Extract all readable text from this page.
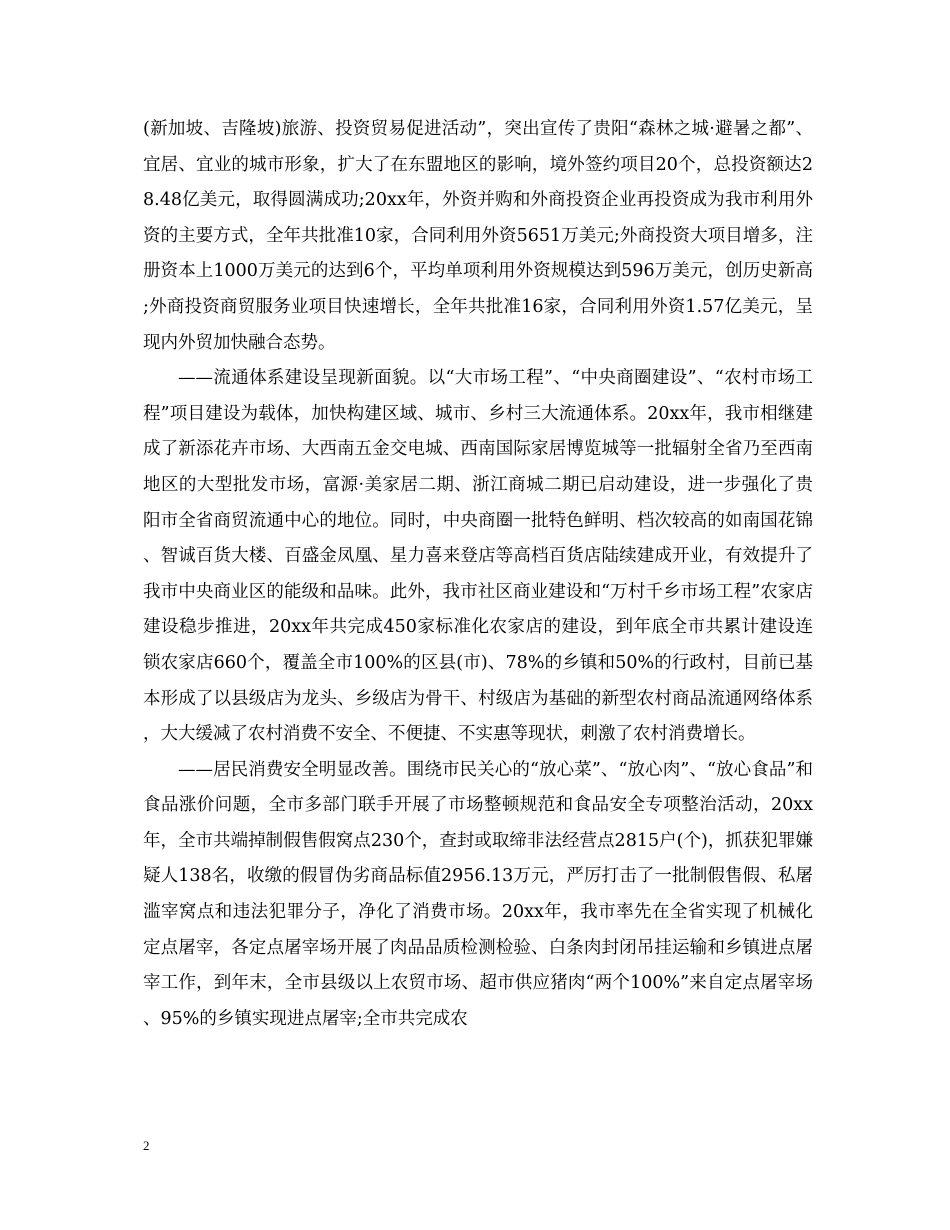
(新加坡、吉隆坡)旅游、投资贸易促进活动”，突出宣传了贵阳“森林之城·避暑之都”、宜居、宜业的城市形象，扩大了在东盟地区的影响，境外签约项目20个，总投资额达28.48亿美元，取得圆满成功;20xx年，外资并购和外商投资企业再投资成为我市利用外资的主要方式，全年共批准10家，合同利用外资5651万美元;外商投资大项目增多，注册资本上1000万美元的达到6个，平均单项利用外资规模达到596万美元，创历史新高;外商投资商贸服务业项目快速增长，全年共批准16家，合同利用外资1.57亿美元，呈现内外贸加快融合态势。

——流通体系建设呈现新面貌。以“大市场工程”、“中央商圈建设”、“农村市场工程”项目建设为载体，加快构建区域、城市、乡村三大流通体系。20xx年，我市相继建成了新添花卉市场、大西南五金交电城、西南国际家居博览城等一批辐射全省乃至西南地区的大型批发市场，富源·美家居二期、浙江商城二期已启动建设，进一步强化了贵阳市全省商贸流通中心的地位。同时，中央商圈一批特色鲜明、档次较高的如南国花锦、智诚百货大楼、百盛金凤凰、星力喜来登店等高档百货店陆续建成开业，有效提升了我市中央商业区的能级和品味。此外，我市社区商业建设和“万村千乡市场工程”农家店建设稳步推进，20xx年共完成450家标准化农家店的建设，到年底全市共累计建设连锁农家店660个，覆盖全市100%的区县(市)、78%的乡镇和50%的行政村，目前已基本形成了以县级店为龙头、乡级店为骨干、村级店为基础的新型农村商品流通网络体系，大大缓减了农村消费不安全、不便捷、不实惠等现状，刺激了农村消费增长。

——居民消费安全明显改善。围绕市民关心的“放心菜”、“放心肉”、“放心食品”和食品涨价问题，全市多部门联手开展了市场整顿规范和食品安全专项整治活动，20xx年，全市共端掉制假售假窝点230个，查封或取缔非法经营点2815户(个)，抓获犯罪嫌疑人138名，收缴的假冒伪劣商品标值2956.13万元，严厉打击了一批制假售假、私屠滥宰窝点和违法犯罪分子，净化了消费市场。20xx年，我市率先在全省实现了机械化定点屠宰，各定点屠宰场开展了肉品品质检测检验、白条肉封闭吊挂运输和乡镇进点屠宰工作，到年末，全市县级以上农贸市场、超市供应猪肉“两个100%”来自定点屠宰场、95%的乡镇实现进点屠宰;全市共完成农

2
